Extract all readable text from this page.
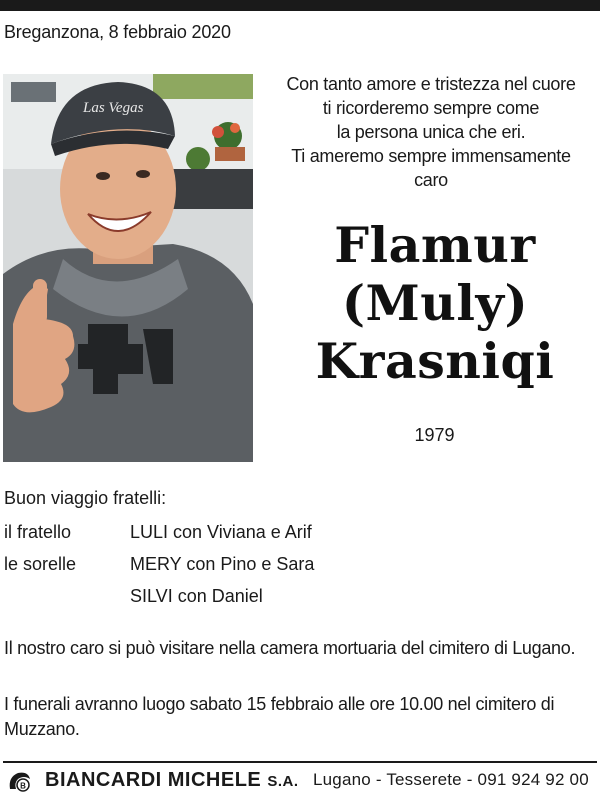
Breganzona, 8 febbraio 2020
Las Vegas
Con tanto amore e tristezza nel cuore
ti ricorderemo sempre come
la persona unica che eri.
Ti ameremo sempre immensamente
caro
Flamur
(Muly)
Krasniqi
1979
Buon viaggio fratelli:
il fratello	LULI con Viviana e Arif
le sorelle	MERY con Pino e Sara
SILVI con Daniel
Il nostro caro si può visitare nella camera mortuaria del cimitero di Lugano.
I funerali avranno luogo sabato 15 febbraio alle ore 10.00 nel cimitero di Muzzano.
B BIANCARDI MICHELE S.A. Lugano - Tesserete - 091 924 92 00
